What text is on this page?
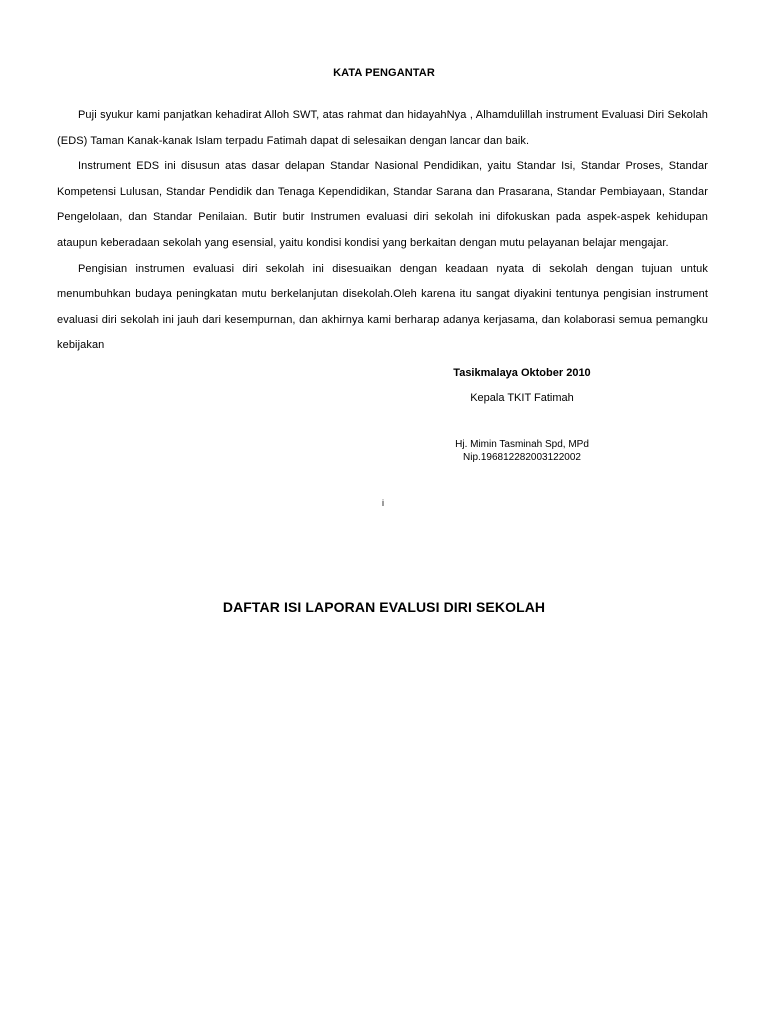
KATA PENGANTAR

Puji syukur kami panjatkan kehadirat Alloh SWT, atas rahmat dan hidayahNya , Alhamdulillah instrument Evaluasi Diri Sekolah (EDS) Taman Kanak-kanak Islam terpadu Fatimah dapat di selesaikan dengan lancar dan baik.

Instrument EDS ini disusun atas dasar delapan Standar Nasional Pendidikan, yaitu Standar Isi, Standar Proses, Standar Kompetensi Lulusan, Standar Pendidik dan Tenaga Kependidikan, Standar Sarana dan Prasarana, Standar Pembiayaan, Standar Pengelolaan, dan Standar Penilaian. Butir butir Instrumen evaluasi diri sekolah ini difokuskan pada aspek-aspek kehidupan ataupun keberadaan sekolah yang esensial, yaitu kondisi kondisi yang berkaitan dengan mutu pelayanan belajar mengajar.

Pengisian instrumen evaluasi diri sekolah ini disesuaikan dengan keadaan nyata di sekolah dengan tujuan untuk menumbuhkan budaya peningkatan mutu berkelanjutan disekolah.Oleh karena itu sangat diyakini tentunya pengisian instrument evaluasi diri sekolah ini jauh dari kesempurnan, dan akhirnya kami berharap adanya kerjasama, dan kolaborasi semua pemangku kebijakan

Tasikmalaya Oktober 2010
Kepala TKIT Fatimah
Hj. Mimin Tasminah Spd, MPd
Nip.196812282003122002
i
DAFTAR ISI LAPORAN EVALUSI DIRI SEKOLAH
